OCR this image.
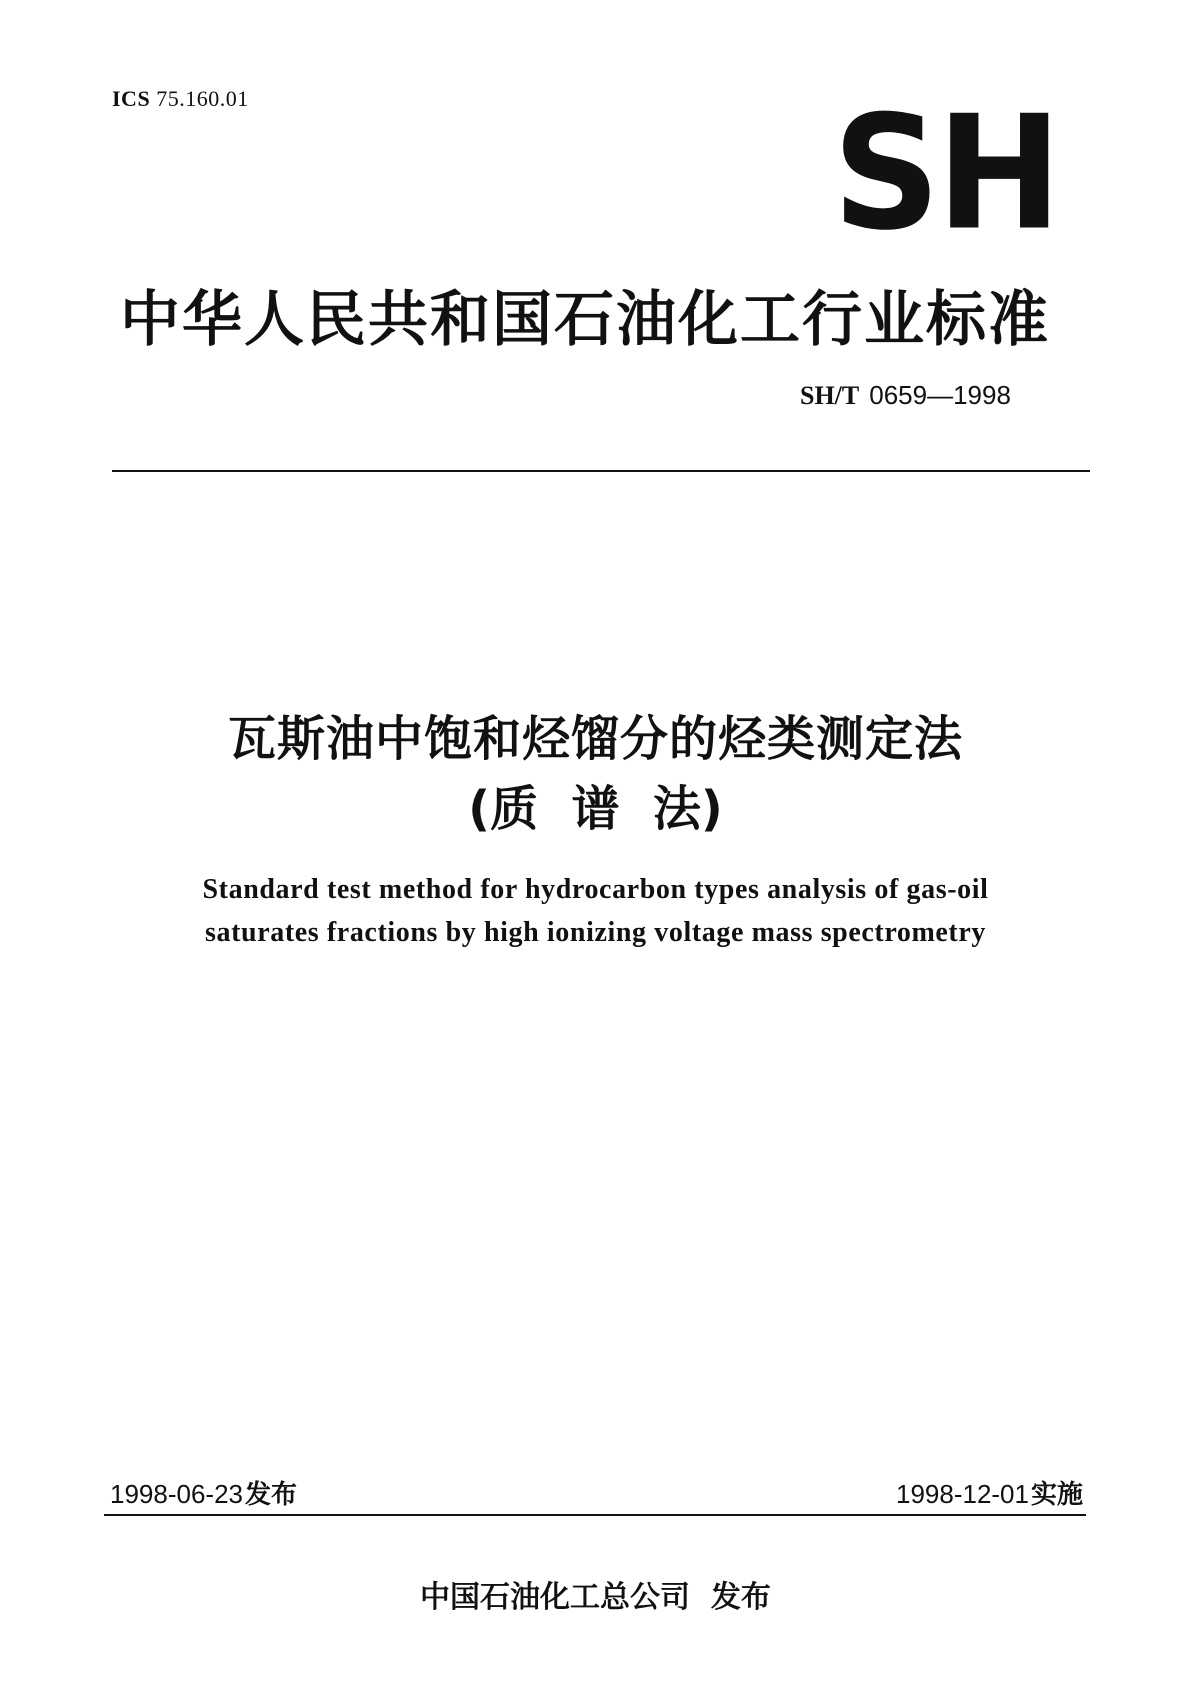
ICS 75.160.01	SH
中华人民共和国石油化工行业标准
SH/T 0659—1998
瓦斯油中饱和烃馏分的烃类测定法
(质  谱  法)
Standard test method for hydrocarbon types analysis of gas-oil
saturates fractions by high ionizing voltage mass spectrometry
1998-06-23发布	1998-12-01实施
中国石油化工总公司  发布
